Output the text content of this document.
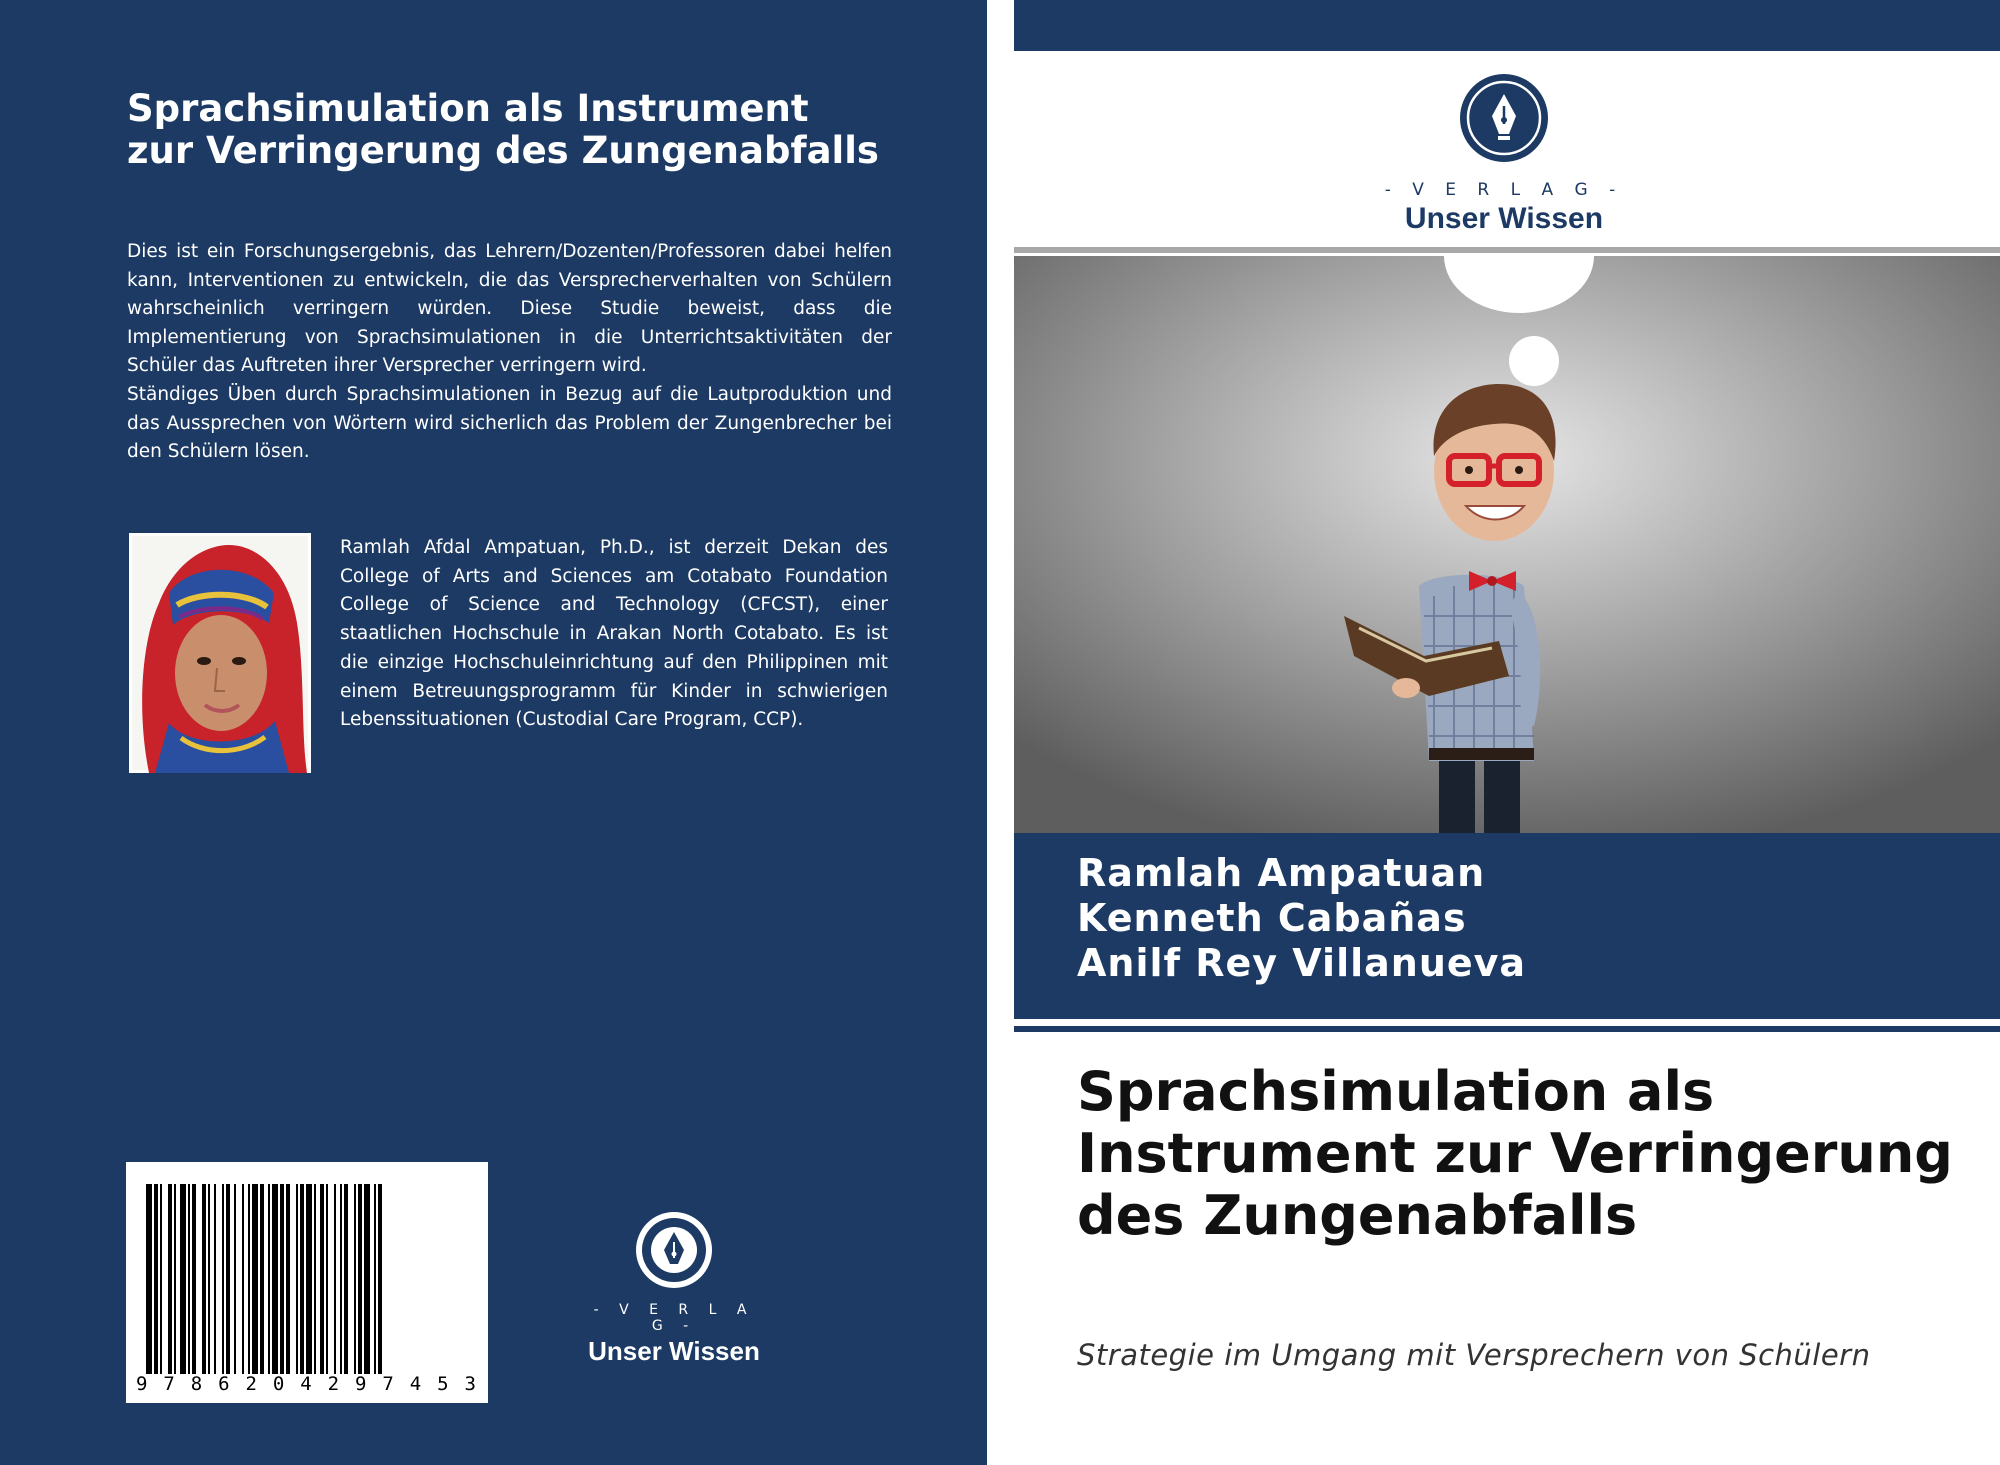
Sprachsimulation als Instrument zur Verringerung des Zungenabfalls

Dies ist ein Forschungsergebnis, das Lehrern/Dozenten/Professoren dabei helfen kann, Interventionen zu entwickeln, die das Versprecherverhalten von Schülern wahrscheinlich verringern würden. Diese Studie beweist, dass die Implementierung von Sprachsimulationen in die Unterrichtsaktivitäten der Schüler das Auftreten ihrer Versprecher verringern wird.

Ständiges Üben durch Sprachsimulationen in Bezug auf die Lautproduktion und das Aussprechen von Wörtern wird sicherlich das Problem der Zungenbrecher bei den Schülern lösen.

Ramlah Afdal Ampatuan, Ph.D., ist derzeit Dekan des College of Arts and Sciences am Cotabato Foundation College of Science and Technology (CFCST), einer staatlichen Hochschule in Arakan North Cotabato. Es ist die einzige Hochschuleinrichtung auf den Philippinen mit einem Betreuungsprogramm für Kinder in schwierigen Lebenssituationen (Custodial Care Program, CCP).

9 7 8 6 2 0 4 2 9 7 4 5 3
- V E R L A G -
Unser Wissen
- V E R L A G -
Unser Wissen
Ramlah Ampatuan
Kenneth Cabañas
Anilf Rey Villanueva
Sprachsimulation als Instrument zur Verringerung des Zungenabfalls
Strategie im Umgang mit Versprechern von Schülern
